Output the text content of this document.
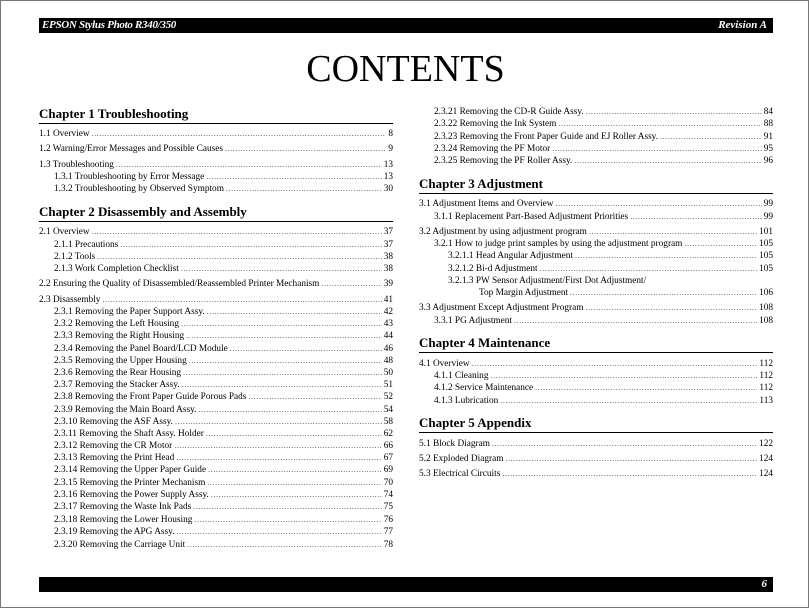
EPSON Stylus Photo R340/350	Revision A
CONTENTS
Chapter 1 Troubleshooting
1.1 Overview .....	8
1.2 Warning/Error Messages and Possible Causes .....	9
1.3 Troubleshooting .....	13
1.3.1 Troubleshooting by Error Message .....	13
1.3.2 Troubleshooting by Observed Symptom .....	30
Chapter 2 Disassembly and Assembly
2.1 Overview .....	37
2.1.1 Precautions .....	37
2.1.2 Tools .....	38
2.1.3 Work Completion Checklist .....	38
2.2 Ensuring the Quality of Disassembled/Reassembled Printer Mechanism .....	39
2.3 Disassembly .....	41
2.3.1 Removing the Paper Support Assy. .....	42
2.3.2 Removing the Left Housing .....	43
2.3.3 Removing the Right Housing .....	44
2.3.4 Removing the Panel Board/LCD Module .....	46
2.3.5 Removing the Upper Housing .....	48
2.3.6 Removing the Rear Housing .....	50
2.3.7 Removing the Stacker Assy. .....	51
2.3.8 Removing the Front Paper Guide Porous Pads .....	52
2.3.9 Removing the Main Board Assy. .....	54
2.3.10 Removing the ASF Assy. .....	58
2.3.11 Removing the Shaft Assy. Holder .....	62
2.3.12 Removing the CR Motor .....	66
2.3.13 Removing the Print Head .....	67
2.3.14 Removing the Upper Paper Guide .....	69
2.3.15 Removing the Printer Mechanism .....	70
2.3.16 Removing the Power Supply Assy. .....	74
2.3.17 Removing the Waste Ink Pads .....	75
2.3.18 Removing the Lower Housing .....	76
2.3.19 Removing the APG Assy. .....	77
2.3.20 Removing the Carriage Unit .....	78
2.3.21 Removing the CD-R Guide Assy. .....	84
2.3.22 Removing the Ink System .....	88
2.3.23 Removing the Front Paper Guide and EJ Roller Assy. .....	91
2.3.24 Removing the PF Motor .....	95
2.3.25 Removing the PF Roller Assy. .....	96
Chapter 3 Adjustment
3.1 Adjustment Items and Overview .....	99
3.1.1 Replacement Part-Based Adjustment Priorities .....	99
3.2 Adjustment by using adjustment program .....	101
3.2.1 How to judge print samples by using the adjustment program .....	105
3.2.1.1 Head Angular Adjustment .....	105
3.2.1.2 Bi-d Adjustment .....	105
3.2.1.3 PW Sensor Adjustment/First Dot Adjustment/
Top Margin Adjustment .....	106
3.3 Adjustment Except Adjustment Program .....	108
3.3.1 PG Adjustment .....	108
Chapter 4 Maintenance
4.1 Overview .....	112
4.1.1 Cleaning .....	112
4.1.2 Service Maintenance .....	112
4.1.3 Lubrication .....	113
Chapter 5 Appendix
5.1 Block Diagram .....	122
5.2 Exploded Diagram .....	124
5.3 Electrical Circuits .....	124
6
